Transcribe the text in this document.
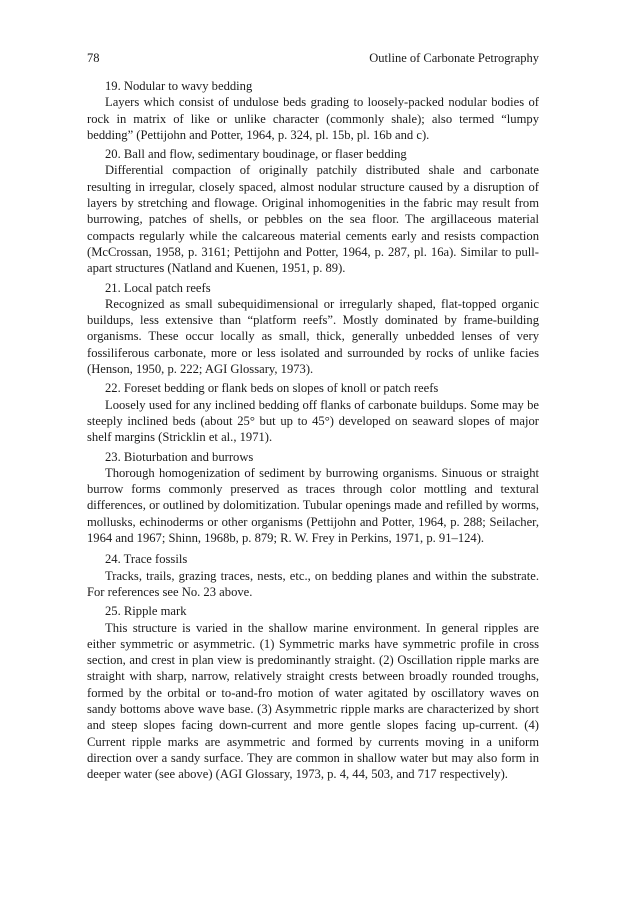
78	Outline of Carbonate Petrography
19. Nodular to wavy bedding

Layers which consist of undulose beds grading to loosely-packed nodular bodies of rock in matrix of like or unlike character (commonly shale); also termed “lumpy bedding” (Pettijohn and Potter, 1964, p. 324, pl. 15b, pl. 16b and c).

20. Ball and flow, sedimentary boudinage, or flaser bedding

Differential compaction of originally patchily distributed shale and carbonate resulting in irregular, closely spaced, almost nodular structure caused by a disruption of layers by stretching and flowage. Original inhomogenities in the fabric may result from burrowing, patches of shells, or pebbles on the sea floor. The argillaceous material compacts regularly while the calcareous material cements early and resists compaction (McCrossan, 1958, p. 3161; Pettijohn and Potter, 1964, p. 287, pl. 16a). Similar to pull-apart structures (Natland and Kuenen, 1951, p. 89).

21. Local patch reefs

Recognized as small subequidimensional or irregularly shaped, flat-topped organic buildups, less extensive than “platform reefs”. Mostly dominated by frame-building organisms. These occur locally as small, thick, generally unbedded lenses of very fossiliferous carbonate, more or less isolated and surrounded by rocks of unlike facies (Henson, 1950, p. 222; AGI Glossary, 1973).

22. Foreset bedding or flank beds on slopes of knoll or patch reefs

Loosely used for any inclined bedding off flanks of carbonate buildups. Some may be steeply inclined beds (about 25° but up to 45°) developed on seaward slopes of major shelf margins (Stricklin et al., 1971).

23. Bioturbation and burrows

Thorough homogenization of sediment by burrowing organisms. Sinuous or straight burrow forms commonly preserved as traces through color mottling and textural differences, or outlined by dolomitization. Tubular openings made and refilled by worms, mollusks, echinoderms or other organisms (Pettijohn and Potter, 1964, p. 288; Seilacher, 1964 and 1967; Shinn, 1968b, p. 879; R. W. Frey in Perkins, 1971, p. 91–124).

24. Trace fossils

Tracks, trails, grazing traces, nests, etc., on bedding planes and within the substrate. For references see No. 23 above.

25. Ripple mark

This structure is varied in the shallow marine environment. In general ripples are either symmetric or asymmetric. (1) Symmetric marks have symmetric profile in cross section, and crest in plan view is predominantly straight. (2) Oscillation ripple marks are straight with sharp, narrow, relatively straight crests between broadly rounded troughs, formed by the orbital or to-and-fro motion of water agitated by oscillatory waves on sandy bottoms above wave base. (3) Asymmetric ripple marks are characterized by short and steep slopes facing down-current and more gentle slopes facing up-current. (4) Current ripple marks are asymmetric and formed by currents moving in a uniform direction over a sandy surface. They are common in shallow water but may also form in deeper water (see above) (AGI Glossary, 1973, p. 4, 44, 503, and 717 respectively).
